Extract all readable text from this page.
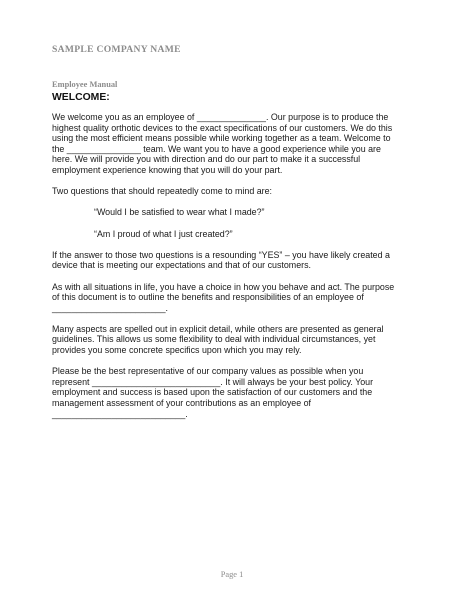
SAMPLE COMPANY NAME
Employee Manual
WELCOME:
We welcome you as an employee of ______________. Our purpose is to produce the
highest quality orthotic devices to the exact specifications of our customers. We do this
using the most efficient means possible while working together as a team. Welcome to
the _______________ team. We want you to have a good experience while you are
here. We will provide you with direction and do our part to make it a successful
employment experience knowing that you will do your part.
Two questions that should repeatedly come to mind are:
“Would I be satisfied to wear what I made?”
“Am I proud of what I just created?”
If the answer to those two questions is a resounding “YES” – you have likely created a
device that is meeting our expectations and that of our customers.
As with all situations in life, you have a choice in how you behave and act. The purpose
of this document is to outline the benefits and responsibilities of an employee of
_______________________.
Many aspects are spelled out in explicit detail, while others are presented as general
guidelines. This allows us some flexibility to deal with individual circumstances, yet
provides you some concrete specifics upon which you may rely.
Please be the best representative of our company values as possible when you
represent __________________________. It will always be your best policy. Your
employment and success is based upon the satisfaction of our customers and the
management assessment of your contributions as an employee of
___________________________.
Page 1
